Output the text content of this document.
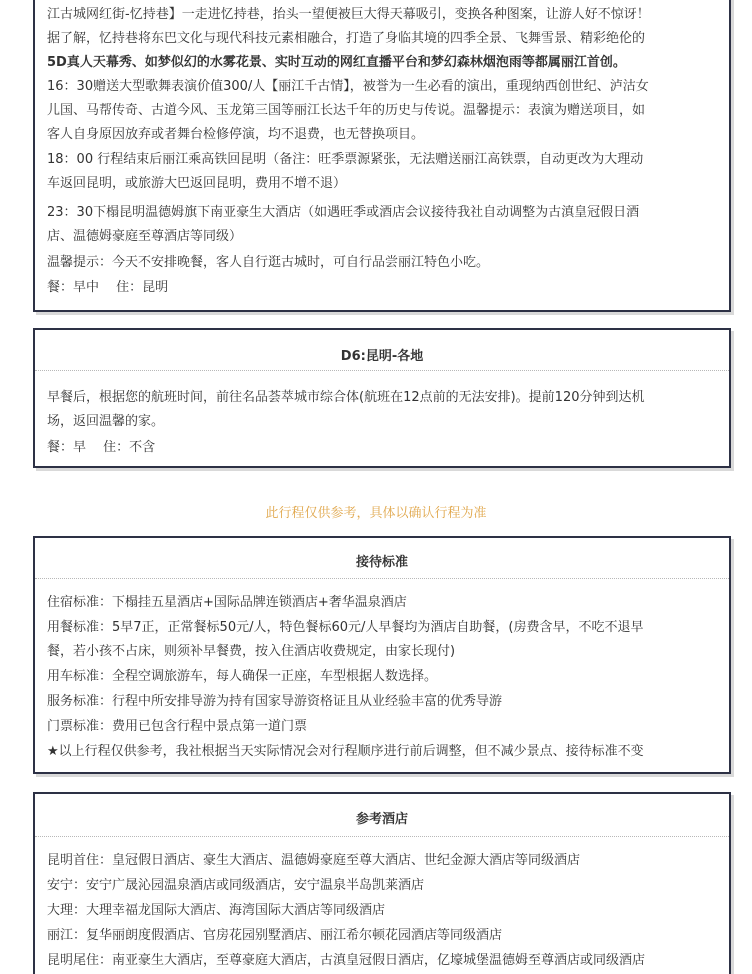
江古城网红街-忆持巷】一走进忆持巷，抬头一望便被巨大得天幕吸引，变换各种图案，让游人好不惊讶！
据了解，忆持巷将东巴文化与现代科技元素相融合，打造了身临其境的四季全景、飞舞雪景、精彩绝伦的
5D真人天幕秀、如梦似幻的水雾花景、实时互动的网红直播平台和梦幻森林烟泡雨等都属丽江首创。
16：30赠送大型歌舞表演价值300/人【丽江千古情】，被誉为一生必看的演出，重现纳西创世纪、泸沽女
儿国、马帮传奇、古道今风、玉龙第三国等丽江长达千年的历史与传说。温馨提示：表演为赠送项目，如
客人自身原因放弃或者舞台检修停演，均不退费，也无替换项目。
18：00 行程结束后丽江乘高铁回昆明（备注：旺季票源紧张，无法赠送丽江高铁票，自动更改为大理动
车返回昆明，或旅游大巴返回昆明，费用不增不退）
23：30下榻昆明温德姆旗下南亚豪生大酒店（如遇旺季或酒店会议接待我社自动调整为古滇皇冠假日酒
店、温德姆豪庭至尊酒店等同级）
温馨提示：今天不安排晚餐，客人自行逛古城时，可自行品尝丽江特色小吃。
餐：早中　 住：昆明
D6:昆明-各地
早餐后，根据您的航班时间，前往名品荟萃城市综合体(航班在12点前的无法安排)。提前120分钟到达机
场，返回温馨的家。
餐：早　 住：不含
此行程仅供参考，具体以确认行程为准
接待标准
住宿标准：下榻挂五星酒店+国际品牌连锁酒店+奢华温泉酒店
用餐标准：5早7正，正常餐标50元/人，特色餐标60元/人早餐均为酒店自助餐，(房费含早，不吃不退早
餐，若小孩不占床，则须补早餐费，按入住酒店收费规定，由家长现付)
用车标准：全程空调旅游车，每人确保一正座，车型根据人数选择。
服务标准：行程中所安排导游为持有国家导游资格证且从业经验丰富的优秀导游
门票标准：费用已包含行程中景点第一道门票
★以上行程仅供参考，我社根据当天实际情况会对行程顺序进行前后调整，但不减少景点、接待标准不变
参考酒店
昆明首住：皇冠假日酒店、豪生大酒店、温德姆豪庭至尊大酒店、世纪金源大酒店等同级酒店
安宁：安宁广晟沁园温泉酒店或同级酒店，安宁温泉半岛凯莱酒店
大理：大理幸福龙国际大酒店、海湾国际大酒店等同级酒店
丽江：复华丽朗度假酒店、官房花园别墅酒店、丽江希尔顿花园酒店等同级酒店
昆明尾住：南亚豪生大酒店，至尊豪庭大酒店，古滇皇冠假日酒店，亿壕城堡温德姆至尊酒店或同级酒店
